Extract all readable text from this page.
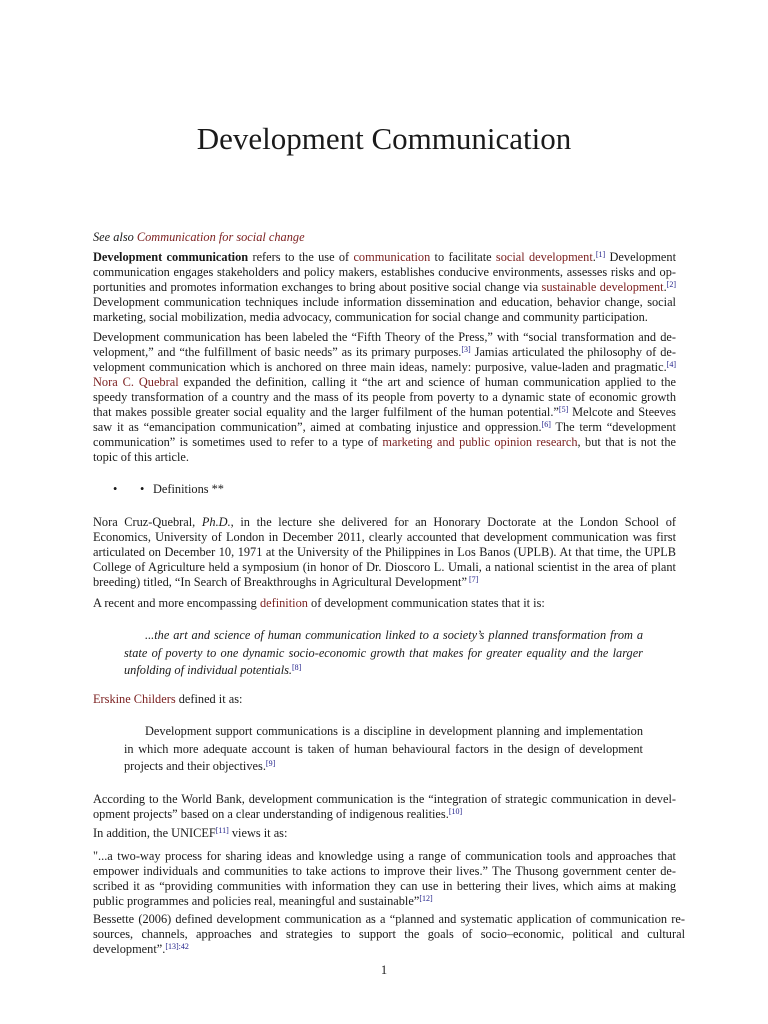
Development Communication

See also Communication for social change

Development communication refers to the use of communication to facilitate social development.[1] Development communication engages stakeholders and policy makers, establishes conducive environments, assesses risks and opportunities and promotes information exchanges to bring about positive social change via sustainable development.[2] Development communication techniques include information dissemination and education, behavior change, social marketing, social mobilization, media advocacy, communication for social change and community participation.

Development communication has been labeled the “Fifth Theory of the Press,” with “social transformation and development,” and “the fulfillment of basic needs” as its primary purposes.[3] Jamias articulated the philosophy of development communication which is anchored on three main ideas, namely: purposive, value-laden and pragmatic.[4] Nora C. Quebral expanded the definition, calling it “the art and science of human communication applied to the speedy transformation of a country and the mass of its people from poverty to a dynamic state of economic growth that makes possible greater social equality and the larger fulfilment of the human potential.”[5] Melcote and Steeves saw it as “emancipation communication”, aimed at combating injustice and oppression.[6] The term “development communication” is sometimes used to refer to a type of marketing and public opinion research, but that is not the topic of this article.

• • Definitions **

Nora Cruz-Quebral, Ph.D., in the lecture she delivered for an Honorary Doctorate at the London School of Economics, University of London in December 2011, clearly accounted that development communication was first articulated on December 10, 1971 at the University of the Philippines in Los Banos (UPLB). At that time, the UPLB College of Agriculture held a symposium (in honor of Dr. Dioscoro L. Umali, a national scientist in the area of plant breeding) titled, “In Search of Breakthroughs in Agricultural Development” [7]

A recent and more encompassing definition of development communication states that it is:

...the art and science of human communication linked to a society’s planned transformation from a state of poverty to one dynamic socio-economic growth that makes for greater equality and the larger unfolding of individual potentials.[8]

Erskine Childers defined it as:

Development support communications is a discipline in development planning and implementation in which more adequate account is taken of human behavioural factors in the design of development projects and their objectives.[9]

According to the World Bank, development communication is the “integration of strategic communication in development projects” based on a clear understanding of indigenous realities.[10]

In addition, the UNICEF[11] views it as:

"...a two-way process for sharing ideas and knowledge using a range of communication tools and approaches that empower individuals and communities to take actions to improve their lives.” The Thusong government center described it as “providing communities with information they can use in bettering their lives, which aims at making public programmes and policies real, meaningful and sustainable”[12]

Bessette (2006) defined development communication as a “planned and systematic application of communication resources, channels, approaches and strategies to support the goals of socio–economic, political and cultural development”.$^{[13]:42}$

1
